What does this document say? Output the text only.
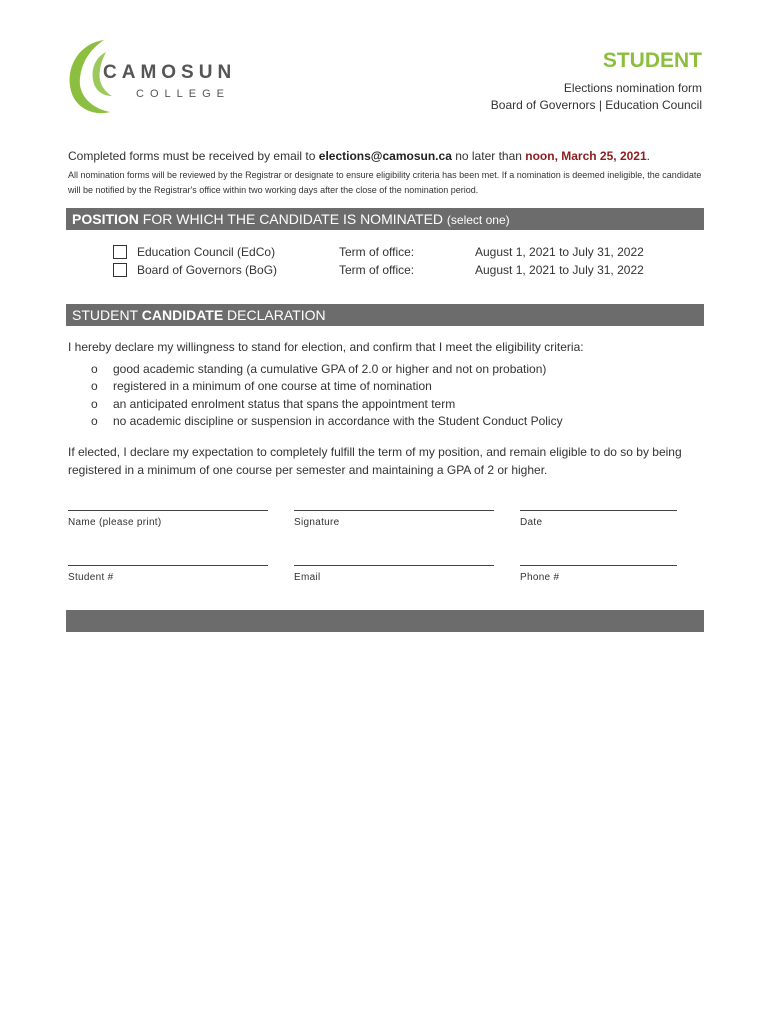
CAMOSUN
COLLEGE
STUDENT
Elections nomination form
Board of Governors | Education Council
Completed forms must be received by email to elections@camosun.ca no later than noon, March 25, 2021.
All nomination forms will be reviewed by the Registrar or designate to ensure eligibility criteria has been met. If a nomination is deemed ineligible, the candidate will be notified by the Registrar's office within two working days after the close of the nomination period.
POSITION FOR WHICH THE CANDIDATE IS NOMINATED (select one)
Education Council (EdCo)	Term of office:	August 1, 2021 to July 31, 2022
Board of Governors (BoG)	Term of office:	August 1, 2021 to July 31, 2022
STUDENT CANDIDATE DECLARATION
I hereby declare my willingness to stand for election, and confirm that I meet the eligibility criteria:
o good academic standing (a cumulative GPA of 2.0 or higher and not on probation)
o registered in a minimum of one course at time of nomination
o an anticipated enrolment status that spans the appointment term
o no academic discipline or suspension in accordance with the Student Conduct Policy
If elected, I declare my expectation to completely fulfill the term of my position, and remain eligible to do so by being registered in a minimum of one course per semester and maintaining a GPA of 2 or higher.
Name (please print)	Signature	Date
Student #	Email	Phone #
